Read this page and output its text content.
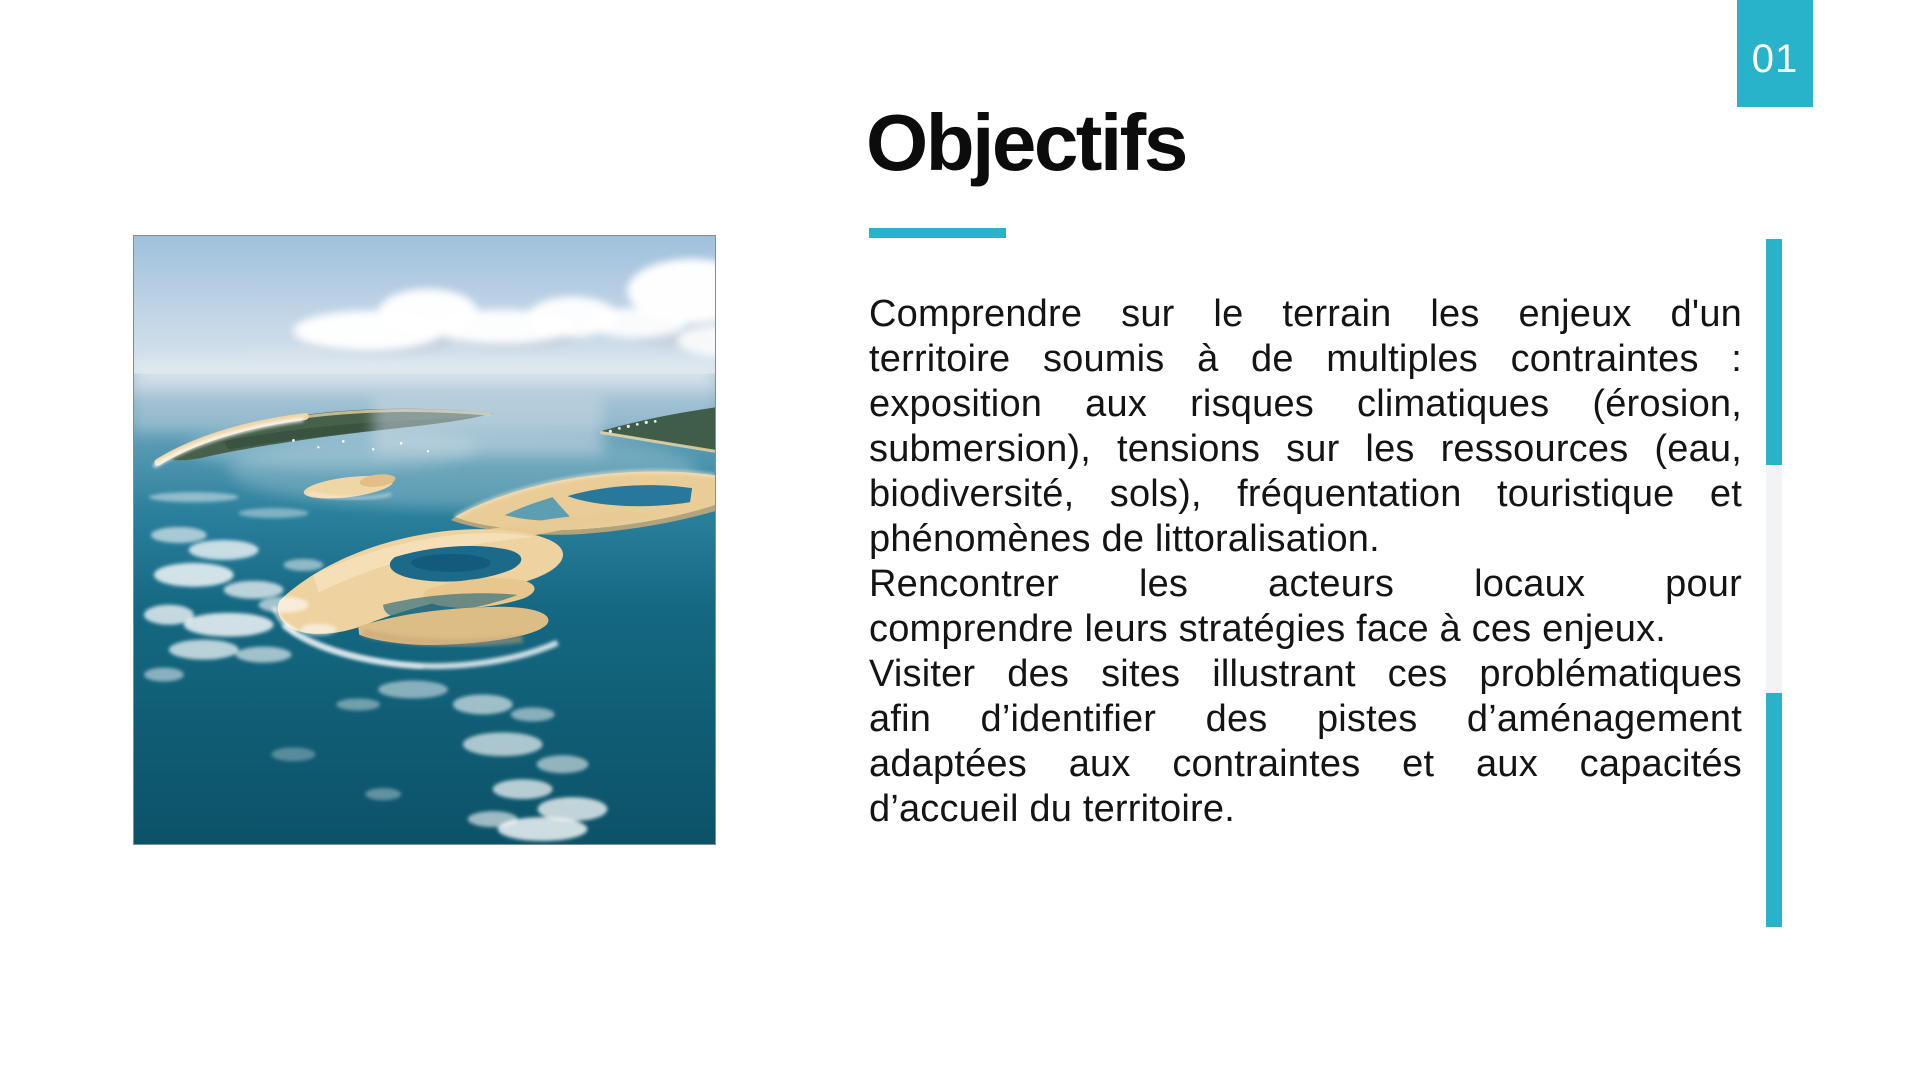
01
Objectifs
Comprendre sur le terrain les enjeux d'un
territoire soumis à de multiples contraintes :
exposition aux risques climatiques (érosion,
submersion), tensions sur les ressources (eau,
biodiversité, sols), fréquentation touristique et
phénomènes de littoralisation.
Rencontrer les acteurs locaux pour
comprendre leurs stratégies face à ces enjeux.
Visiter des sites illustrant ces problématiques
afin d’identifier des pistes d’aménagement
adaptées aux contraintes et aux capacités
d’accueil du territoire.
